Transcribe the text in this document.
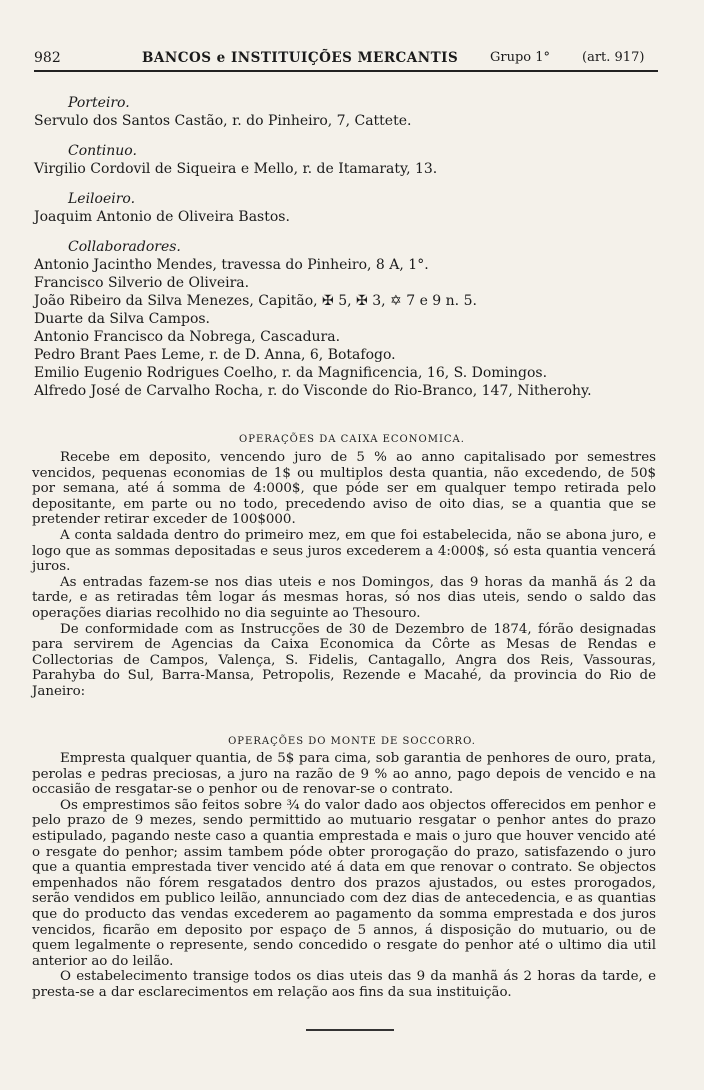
982	BANCOS e INSTITUIÇÕES MERCANTIS Grupo 1° (art. 917)
Porteiro.
Servulo dos Santos Castão, r. do Pinheiro, 7, Cattete.
Continuo.
Virgilio Cordovil de Siqueira e Mello, r. de Itamaraty, 13.
Leiloeiro.
Joaquim Antonio de Oliveira Bastos.
Collaboradores.
Antonio Jacintho Mendes, travessa do Pinheiro, 8 A, 1°.
Francisco Silverio de Oliveira.
João Ribeiro da Silva Menezes, Capitão, ✠ 5, ✠ 3, ✡ 7 e 9 n. 5.
Duarte da Silva Campos.
Antonio Francisco da Nobrega, Cascadura.
Pedro Brant Paes Leme, r. de D. Anna, 6, Botafogo.
Emilio Eugenio Rodrigues Coelho, r. da Magnificencia, 16, S. Domingos.
Alfredo José de Carvalho Rocha, r. do Visconde do Rio-Branco, 147, Nitherohy.
OPERAÇÕES DA CAIXA ECONOMICA.

Recebe em deposito, vencendo juro de 5 % ao anno capitalisado por semestres vencidos, pequenas economias de 1$ ou multiplos desta quantia, não excedendo, de 50$ por semana, até á somma de 4:000$, que póde ser em qualquer tempo retirada pelo depositante, em parte ou no todo, precedendo aviso de oito dias, se a quantia que se pretender retirar exceder de 100$000.

A conta saldada dentro do primeiro mez, em que foi estabelecida, não se abona juro, e logo que as sommas depositadas e seus juros excederem a 4:000$, só esta quantia vencerá juros.

As entradas fazem-se nos dias uteis e nos Domingos, das 9 horas da manhã ás 2 da tarde, e as retiradas têm logar ás mesmas horas, só nos dias uteis, sendo o saldo das operações diarias recolhido no dia seguinte ao Thesouro.

De conformidade com as Instrucções de 30 de Dezembro de 1874, fórão designadas para servirem de Agencias da Caixa Economica da Côrte as Mesas de Rendas e Collectorias de Campos, Valença, S. Fidelis, Cantagallo, Angra dos Reis, Vassouras, Parahyba do Sul, Barra-Mansa, Petropolis, Rezende e Macahé, da provincia do Rio de Janeiro:

OPERAÇÕES DO MONTE DE SOCCORRO.

Empresta qualquer quantia, de 5$ para cima, sob garantia de penhores de ouro, prata, perolas e pedras preciosas, a juro na razão de 9 % ao anno, pago depois de vencido e na occasião de resgatar-se o penhor ou de renovar-se o contrato.

Os emprestimos são feitos sobre ¾ do valor dado aos objectos offerecidos em penhor e pelo prazo de 9 mezes, sendo permittido ao mutuario resgatar o penhor antes do prazo estipulado, pagando neste caso a quantia emprestada e mais o juro que houver vencido até o resgate do penhor; assim tambem póde obter prorogação do prazo, satisfazendo o juro que a quantia emprestada tiver vencido até á data em que renovar o contrato. Se objectos empenhados não fórem resgatados dentro dos prazos ajustados, ou estes prorogados, serão vendidos em publico leilão, annunciado com dez dias de antecedencia, e as quantias que do producto das vendas excederem ao pagamento da somma emprestada e dos juros vencidos, ficarão em deposito por espaço de 5 annos, á disposição do mutuario, ou de quem legalmente o represente, sendo concedido o resgate do penhor até o ultimo dia util anterior ao do leilão.

O estabelecimento transige todos os dias uteis das 9 da manhã ás 2 horas da tarde, e presta-se a dar esclarecimentos em relação aos fins da sua instituição.
